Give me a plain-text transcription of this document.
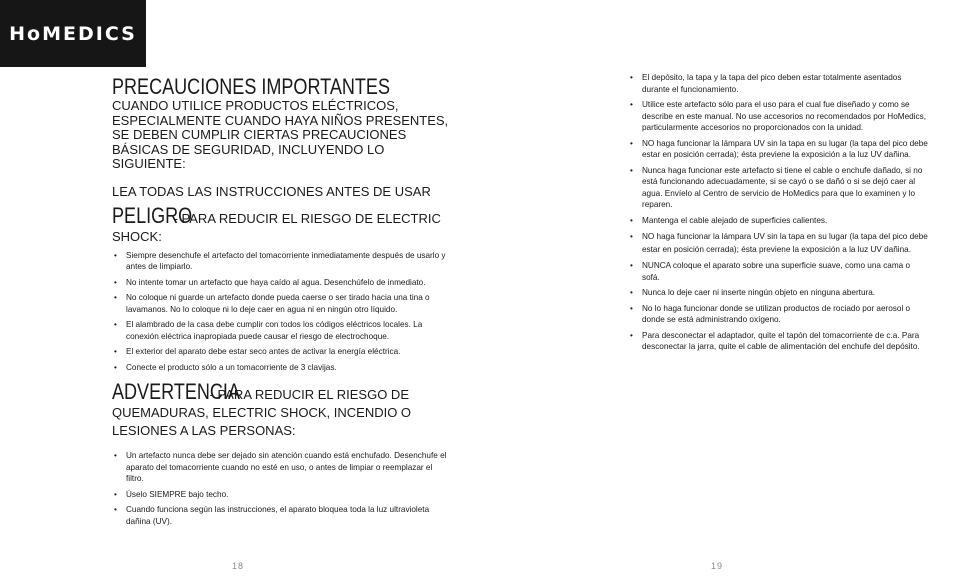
HoMEDICS
PRECAUCIONES IMPORTANTES
CUANDO UTILICE PRODUCTOS ELÉCTRICOS, ESPECIALMENTE CUANDO HAYA NIÑOS PRESENTES, SE DEBEN CUMPLIR CIERTAS PRECAUCIONES BÁSICAS DE SEGURIDAD, INCLUYENDO LO SIGUIENTE:
LEA TODAS LAS INSTRUCCIONES ANTES DE USAR
PELIGRO - PARA REDUCIR EL RIESGO DE ELECTRIC SHOCK:
• Siempre desenchufe el artefacto del tomacorriente inmediatamente después de usarlo y antes de limpiarlo.
• No intente tomar un artefacto que haya caído al agua. Desenchúfelo de inmediato.
• No coloque ni guarde un artefacto donde pueda caerse o ser tirado hacia una tina o lavamanos. No lo coloque ni lo deje caer en agua ni en ningún otro líquido.
• El alambrado de la casa debe cumplir con todos los códigos eléctricos locales. La conexión eléctrica inapropiada puede causar el riesgo de electrochoque.
• El exterior del aparato debe estar seco antes de activar la energía eléctrica.
• Conecte el producto sólo a un tomacorriente de 3 clavijas.
ADVERTENCIA - PARA REDUCIR EL RIESGO DE QUEMADURAS, ELECTRIC SHOCK, INCENDIO O LESIONES A LAS PERSONAS:
• Un artefacto nunca debe ser dejado sin atención cuando está enchufado. Desenchufe el aparato del tomacorriente cuando no esté en uso, o antes de limpiar o reemplazar el filtro.
• Úselo SIEMPRE bajo techo.
• Cuando funciona según las instrucciones, el aparato bloquea toda la luz ultravioleta dañina (UV).
• El depósito, la tapa y la tapa del pico deben estar totalmente asentados durante el funcionamiento.
• Utilice este artefacto sólo para el uso para el cual fue diseñado y como se describe en este manual. No use accesorios no recomendados por HoMedics, particularmente accesorios no proporcionados con la unidad.
• NO haga funcionar la lámpara UV sin la tapa en su lugar (la tapa del pico debe estar en posición cerrada); ésta previene la exposición a la luz UV dañina.
• Nunca haga funcionar este artefacto si tiene el cable o enchufe dañado, si no está funcionando adecuadamente, si se cayó o se dañó o si se dejó caer al agua. Envíelo al Centro de servicio de HoMedics para que lo examinen y lo reparen.
• Mantenga el cable alejado de superficies calientes.
• NO haga funcionar la lámpara UV sin la tapa en su lugar (la tapa del pico debe estar en posición cerrada); ésta previene la exposición a la luz UV dañina.
• NUNCA coloque el aparato sobre una superficie suave, como una cama o sofá.
• Nunca lo deje caer ni inserte ningún objeto en ninguna abertura.
• No lo haga funcionar donde se utilizan productos de rociado por aerosol o donde se está administrando oxígeno.
• Para desconectar el adaptador, quite el tapón del tomacorriente de c.a. Para desconectar la jarra, quite el cable de alimentación del enchufe del depósito.
18	19
